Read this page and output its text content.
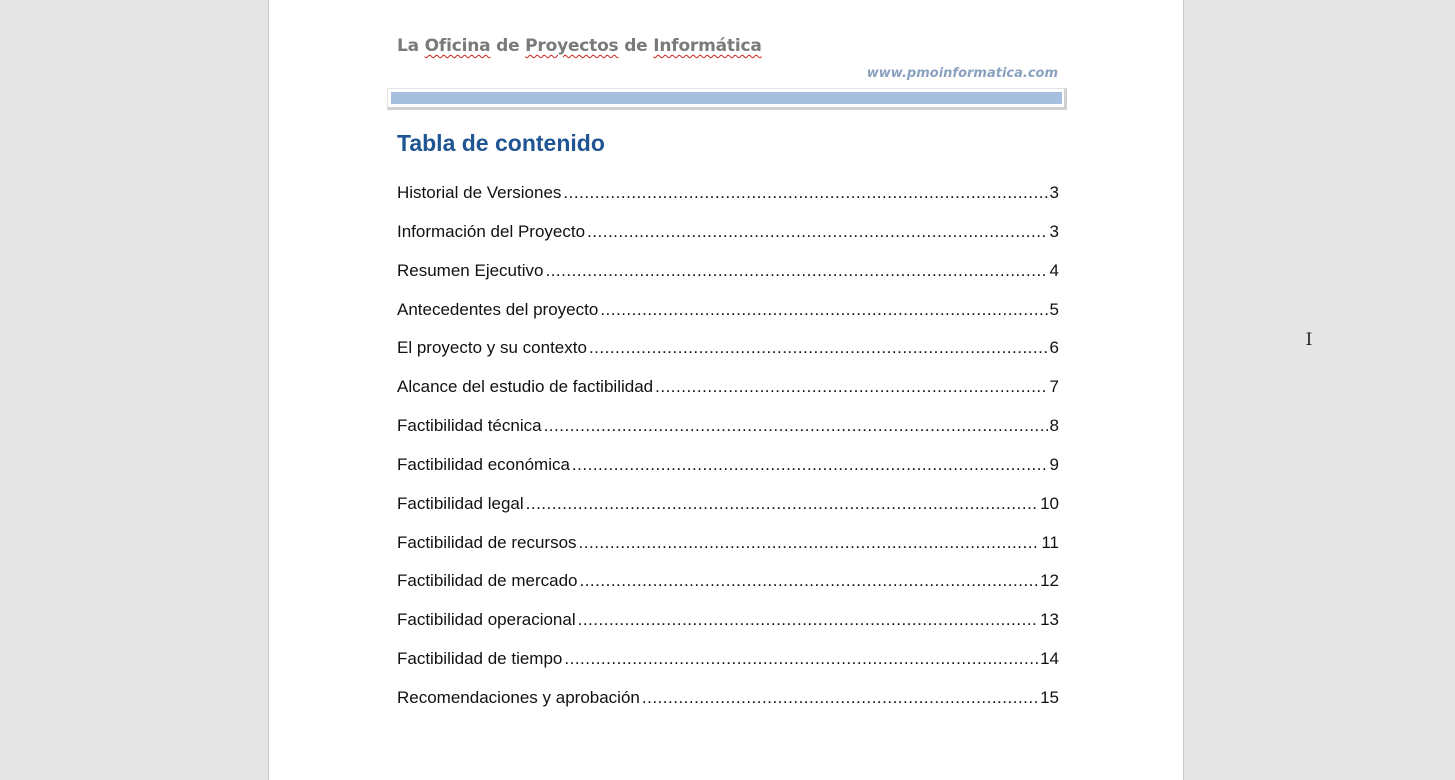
La Oficina de Proyectos de Informática
www.pmoinformatica.com
Tabla de contenido
Historial de Versiones .....	3
Información del Proyecto .....	3
Resumen Ejecutivo .....	4
Antecedentes del proyecto .....	5
El proyecto y su contexto .....	6
Alcance del estudio de factibilidad .....	7
Factibilidad técnica .....	8
Factibilidad económica .....	9
Factibilidad legal .....	10
Factibilidad de recursos .....	11
Factibilidad de mercado .....	12
Factibilidad operacional .....	13
Factibilidad de tiempo .....	14
Recomendaciones y aprobación .....	15
I
